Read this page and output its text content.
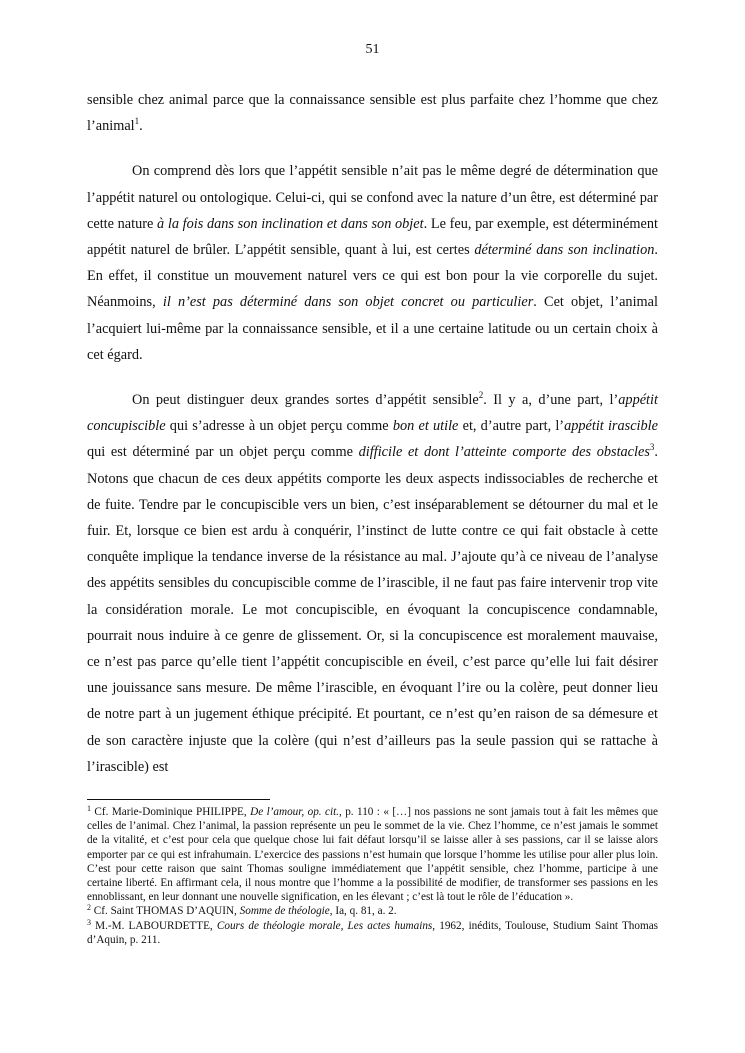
51

sensible chez animal parce que la connaissance sensible est plus parfaite chez l’homme que chez l’animal$^1$.

On comprend dès lors que l’appétit sensible n’ait pas le même degré de détermination que l’appétit naturel ou ontologique. Celui-ci, qui se confond avec la nature d’un être, est déterminé par cette nature à la fois dans son inclination et dans son objet. Le feu, par exemple, est déterminément appétit naturel de brûler. L’appétit sensible, quant à lui, est certes déterminé dans son inclination. En effet, il constitue un mouvement naturel vers ce qui est bon pour la vie corporelle du sujet. Néanmoins, il n’est pas déterminé dans son objet concret ou particulier. Cet objet, l’animal l’acquiert lui-même par la connaissance sensible, et il a une certaine latitude ou un certain choix à cet égard.

On peut distinguer deux grandes sortes d’appétit sensible$^2$. Il y a, d’une part, l’appétit concupiscible qui s’adresse à un objet perçu comme bon et utile et, d’autre part, l’appétit irascible qui est déterminé par un objet perçu comme difficile et dont l’atteinte comporte des obstacles$^3$. Notons que chacun de ces deux appétits comporte les deux aspects indissociables de recherche et de fuite. Tendre par le concupiscible vers un bien, c’est inséparablement se détourner du mal et le fuir. Et, lorsque ce bien est ardu à conquérir, l’instinct de lutte contre ce qui fait obstacle à cette conquête implique la tendance inverse de la résistance au mal. J’ajoute qu’à ce niveau de l’analyse des appétits sensibles du concupiscible comme de l’irascible, il ne faut pas faire intervenir trop vite la considération morale. Le mot concupiscible, en évoquant la concupiscence condamnable, pourrait nous induire à ce genre de glissement. Or, si la concupiscence est moralement mauvaise, ce n’est pas parce qu’elle tient l’appétit concupiscible en éveil, c’est parce qu’elle lui fait désirer une jouissance sans mesure. De même l’irascible, en évoquant l’ire ou la colère, peut donner lieu de notre part à un jugement éthique précipité. Et pourtant, ce n’est qu’en raison de sa démesure et de son caractère injuste que la colère (qui n’est d’ailleurs pas la seule passion qui se rattache à l’irascible) est

$^1$ Cf. Marie-Dominique PHILIPPE, De l’amour, op. cit., p. 110 : « […] nos passions ne sont jamais tout à fait les mêmes que celles de l’animal. Chez l’animal, la passion représente un peu le sommet de la vie. Chez l’homme, ce n’est jamais le sommet de la vitalité, et c’est pour cela que quelque chose lui fait défaut lorsqu’il se laisse aller à ses passions, car il se laisse alors emporter par ce qui est infrahumain. L’exercice des passions n’est humain que lorsque l’homme les utilise pour aller plus loin. C’est pour cette raison que saint Thomas souligne immédiatement que l’appétit sensible, chez l’homme, participe à une certaine liberté. En affirmant cela, il nous montre que l’homme a la possibilité de modifier, de transformer ses passions en les ennoblissant, en leur donnant une nouvelle signification, en les élevant ; c’est là tout le rôle de l’éducation ».

$^2$ Cf. Saint THOMAS D’AQUIN, Somme de théologie, Ia, q. 81, a. 2.

$^3$ M.-M. LABOURDETTE, Cours de théologie morale, Les actes humains, 1962, inédits, Toulouse, Studium Saint Thomas d’Aquin, p. 211.
